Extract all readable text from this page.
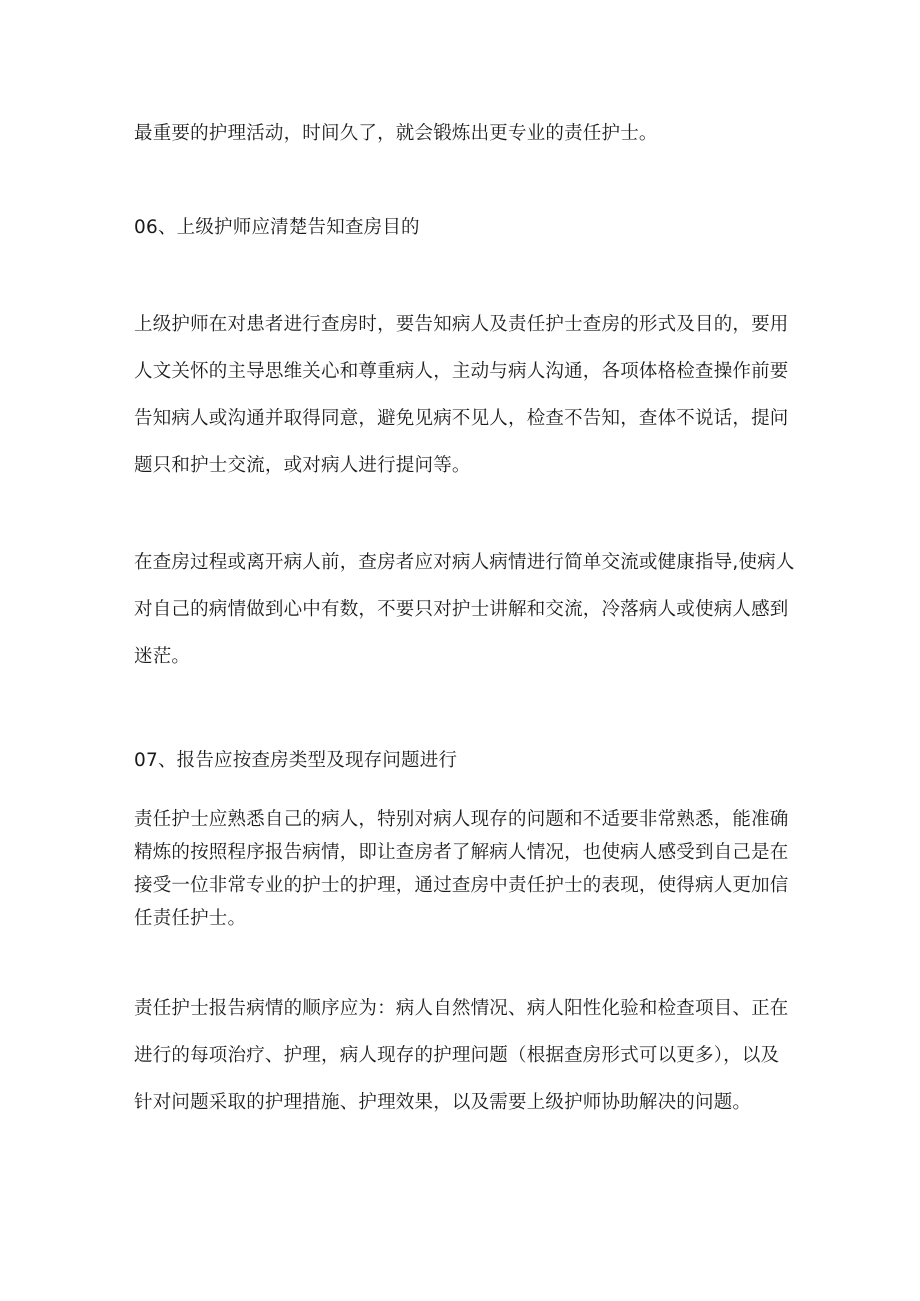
最重要的护理活动，时间久了，就会锻炼出更专业的责任护士。

06、上级护师应清楚告知查房目的

上级护师在对患者进行查房时，要告知病人及责任护士查房的形式及目的，要用
人文关怀的主导思维关心和尊重病人，主动与病人沟通，各项体格检查操作前要
告知病人或沟通并取得同意，避免见病不见人，检查不告知，查体不说话，提问
题只和护士交流，或对病人进行提问等。

在查房过程或离开病人前，查房者应对病人病情进行简单交流或健康指导,使病人
对自己的病情做到心中有数，不要只对护士讲解和交流，冷落病人或使病人感到
迷茫。

07、报告应按查房类型及现存问题进行

责任护士应熟悉自己的病人，特别对病人现存的问题和不适要非常熟悉，能准确
精炼的按照程序报告病情，即让查房者了解病人情况，也使病人感受到自己是在
接受一位非常专业的护士的护理，通过查房中责任护士的表现，使得病人更加信
任责任护士。

责任护士报告病情的顺序应为：病人自然情况、病人阳性化验和检查项目、正在
进行的每项治疗、护理，病人现存的护理问题（根据查房形式可以更多），以及
针对问题采取的护理措施、护理效果，以及需要上级护师协助解决的问题。
